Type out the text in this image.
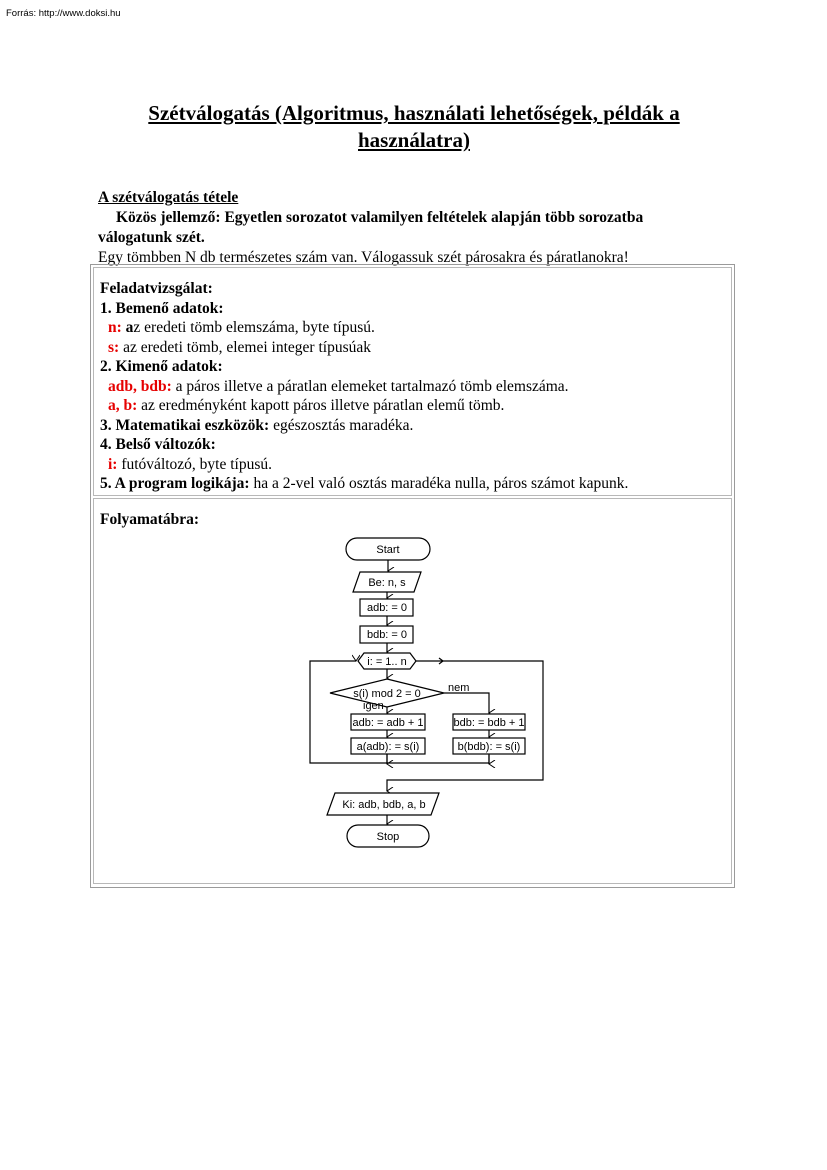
Forrás: http://www.doksi.hu
Szétválogatás (Algoritmus, használati lehetőségek, példák a
használatra)
A szétválogatás tétele
Közös jellemző: Egyetlen sorozatot valamilyen feltételek alapján több sorozatba
válogatunk szét.
Egy tömbben N db természetes szám van. Válogassuk szét párosakra és páratlanokra!
Feladatvizsgálat:
1. Bemenő adatok:
n: az eredeti tömb elemszáma, byte típusú.
s: az eredeti tömb, elemei integer típusúak
2. Kimenő adatok:
adb, bdb: a páros illetve a páratlan elemeket tartalmazó tömb elemszáma.
a, b: az eredményként kapott páros illetve páratlan elemű tömb.
3. Matematikai eszközök: egészosztás maradéka.
4. Belső változók:
i: futóváltozó, byte típusú.
5. A program logikája: ha a 2-vel való osztás maradéka nulla, páros számot kapunk.
Folyamatábra:
Start
Be: n, s
adb: = 0
bdb: = 0
i: = 1.. n
s(i) mod 2 = 0 nem
igen
adb: = adb + 1
a(adb): = s(i)
bdb: = bdb + 1
b(bdb): = s(i)
Ki: adb, bdb, a, b
Stop
